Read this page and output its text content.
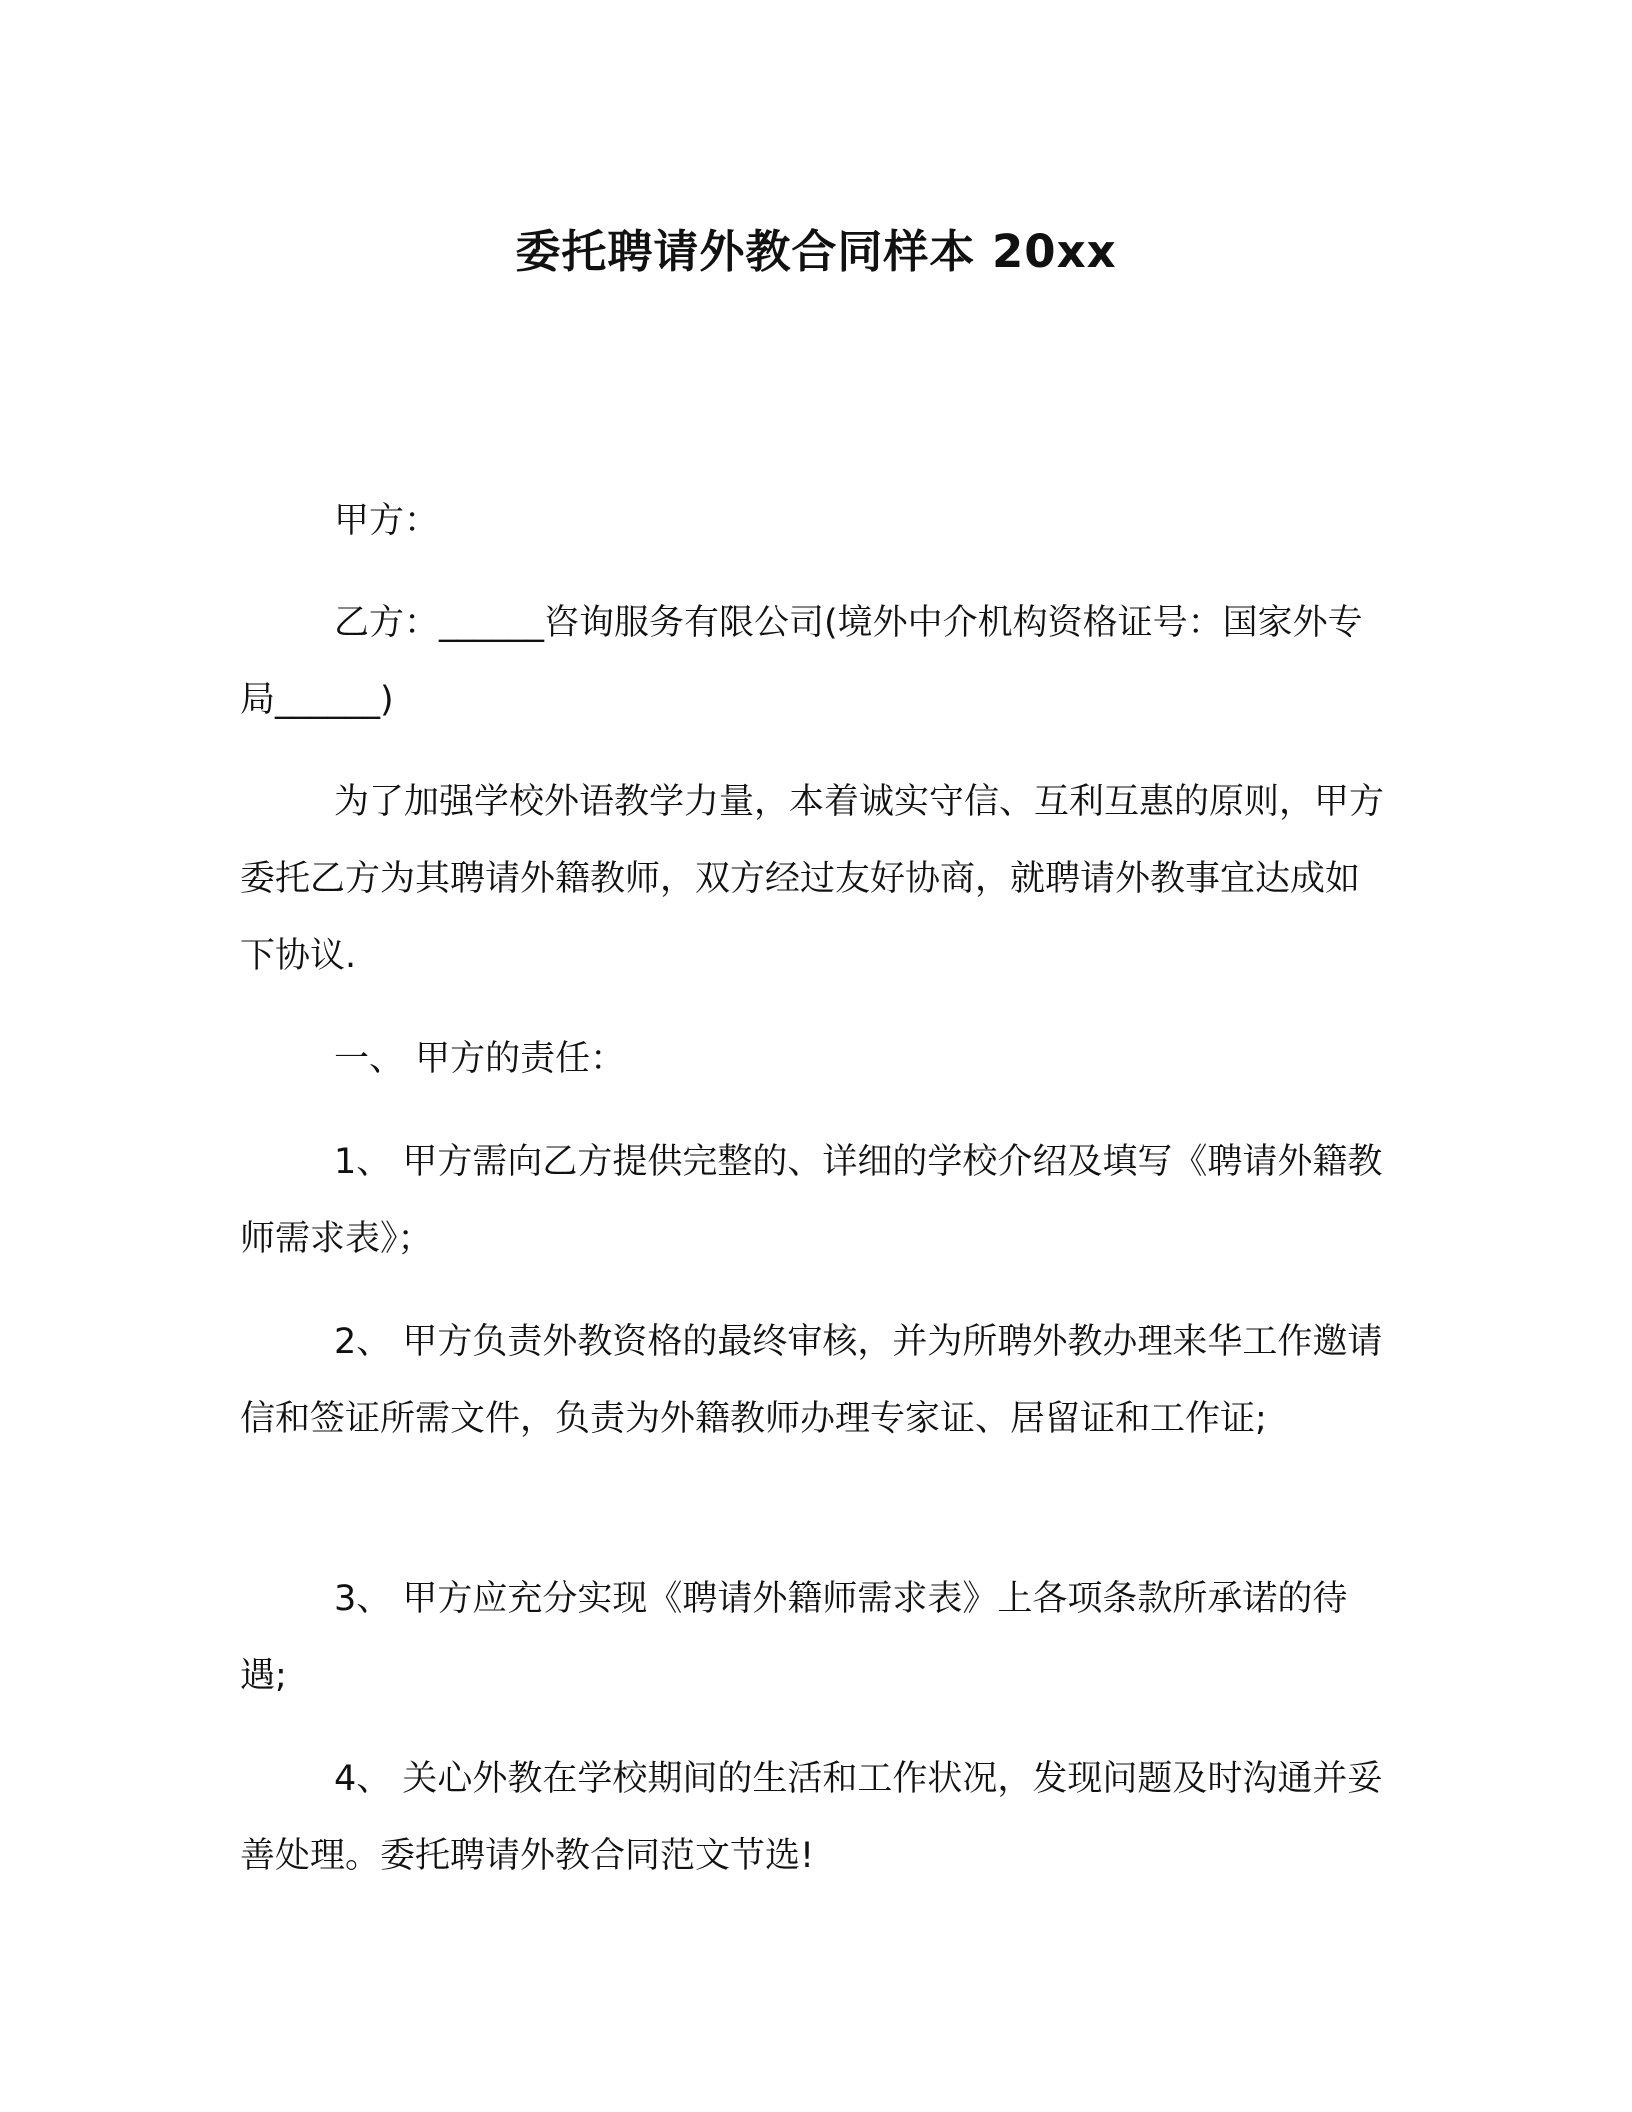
委托聘请外教合同样本 20xx

甲方：

乙方：______咨询服务有限公司(境外中介机构资格证号：国家外专局______)

为了加强学校外语教学力量，本着诚实守信、互利互惠的原则，甲方委托乙方为其聘请外籍教师，双方经过友好协商，就聘请外教事宜达成如下协议.

一、 甲方的责任：

1、 甲方需向乙方提供完整的、详细的学校介绍及填写《聘请外籍教师需求表》；

2、 甲方负责外教资格的最终审核，并为所聘外教办理来华工作邀请信和签证所需文件，负责为外籍教师办理专家证、居留证和工作证;

3、 甲方应充分实现《聘请外籍师需求表》上各项条款所承诺的待遇;

4、 关心外教在学校期间的生活和工作状况，发现问题及时沟通并妥善处理。委托聘请外教合同范文节选!
